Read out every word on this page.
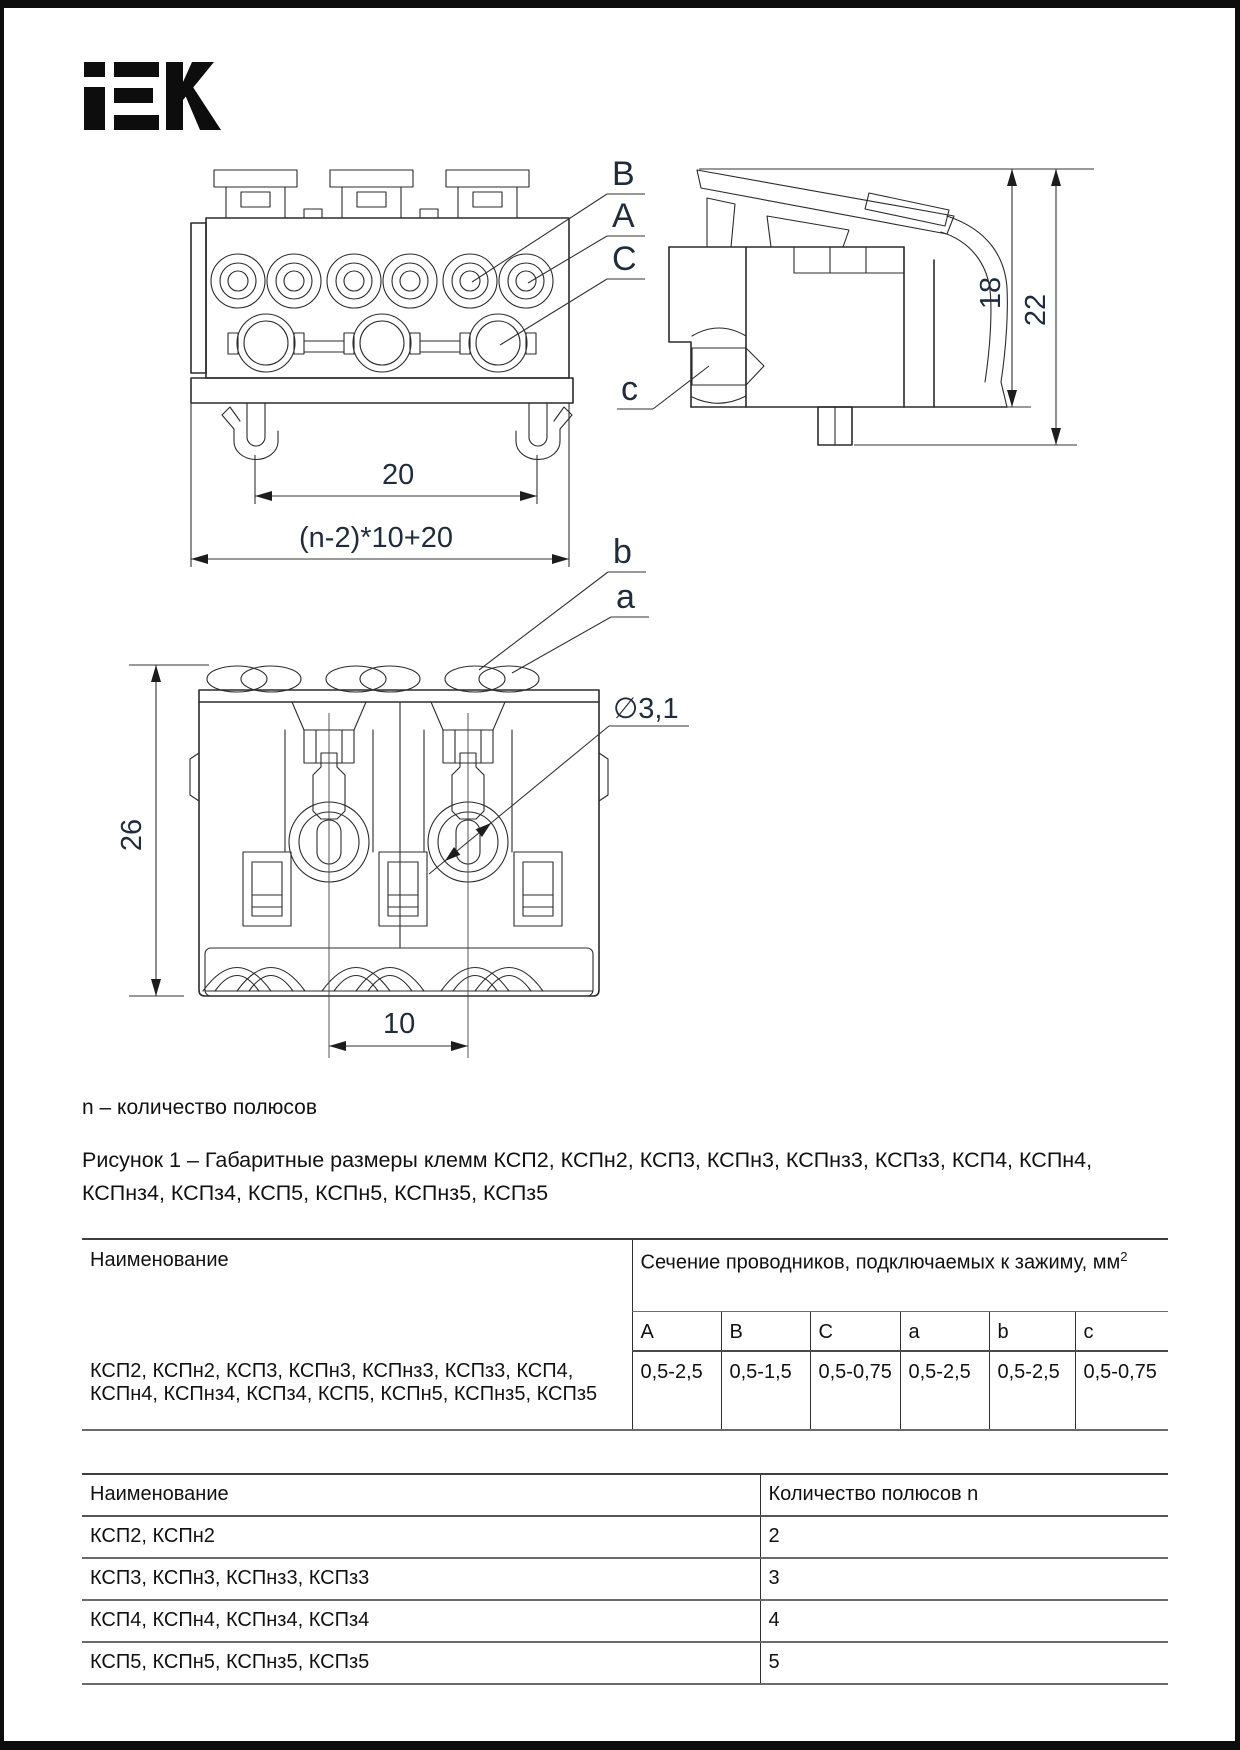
B
A
C
20
(n-2)*10+20
c
18
22
b
a
∅3,1
26
10
n – количество полюсов
Рисунок 1 – Габаритные размеры клемм КСП2, КСПн2, КСП3, КСПн3, КСПнз3, КСПз3, КСП4, КСПн4, КСПнз4, КСПз4, КСП5, КСПн5, КСПнз5, КСПз5
Наименование	Сечение проводников, подключаемых к зажиму, $мм^2$
	A	B	C	a	b	c
КСП2, КСПн2, КСП3, КСПн3, КСПнз3, КСПз3, КСП4, КСПн4, КСПнз4, КСПз4, КСП5, КСПн5, КСПнз5, КСПз5	0,5-2,5	0,5-1,5	0,5-0,75	0,5-2,5	0,5-2,5	0,5-0,75
Наименование	Количество полюсов n
КСП2, КСПн2	2
КСП3, КСПн3, КСПнз3, КСПз3	3
КСП4, КСПн4, КСПнз4, КСПз4	4
КСП5, КСПн5, КСПнз5, КСПз5	5
